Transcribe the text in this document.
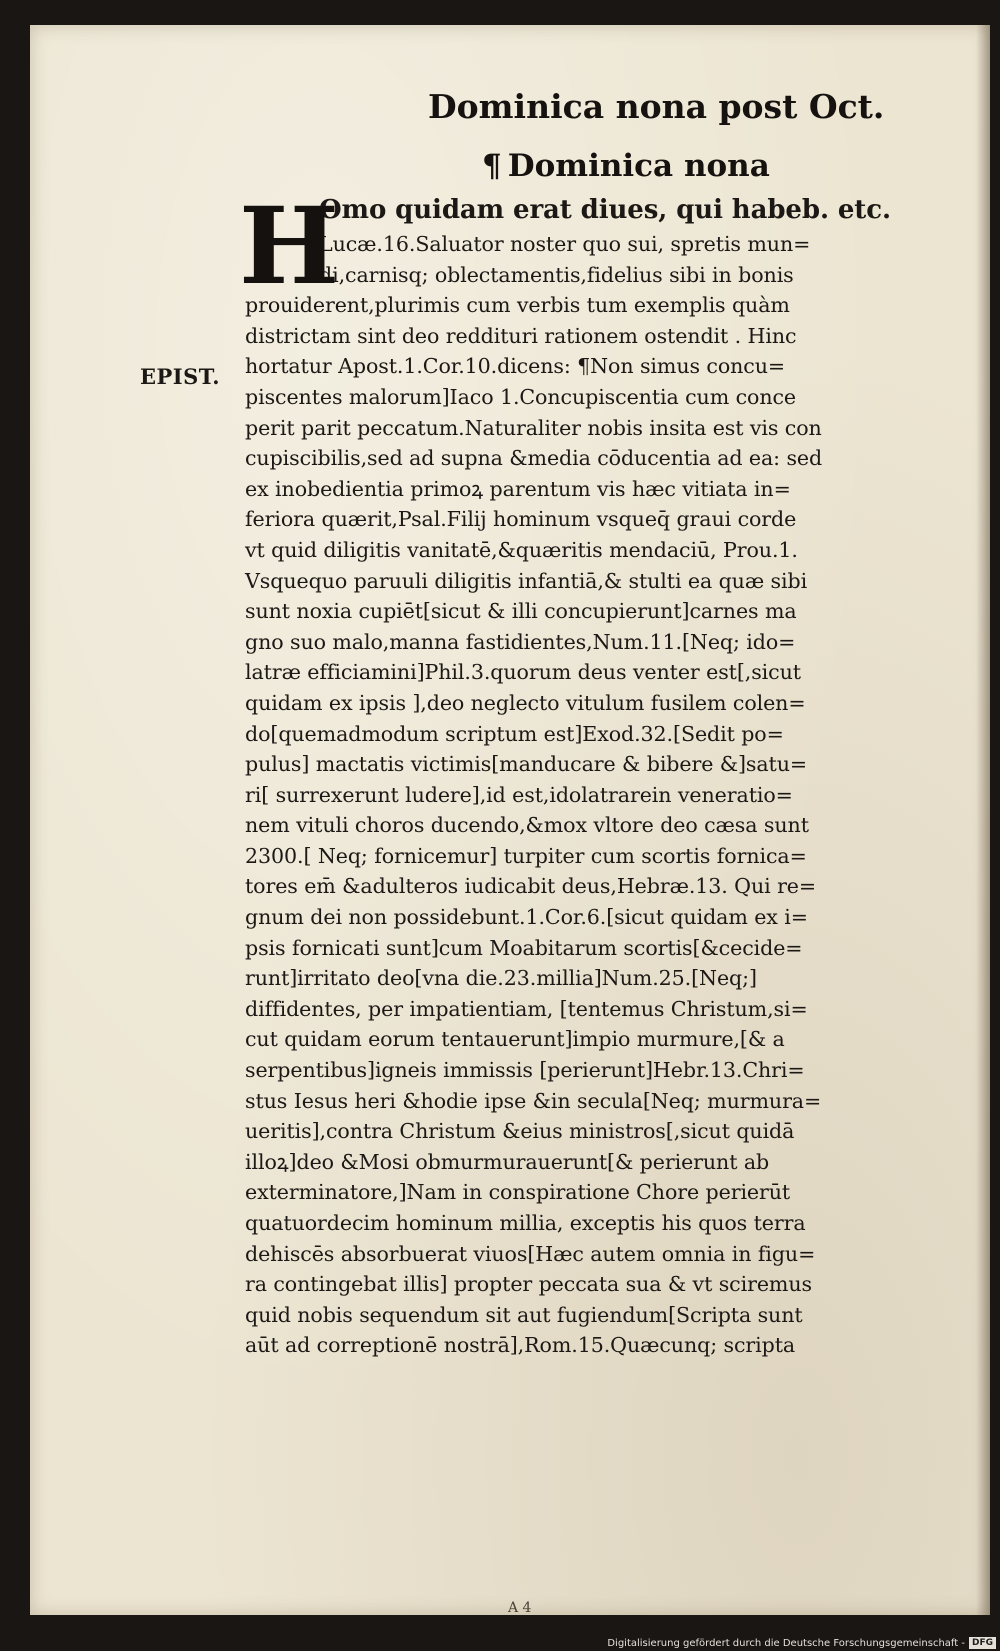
Dominica nona post Oct.
¶ Dominica nona
EPIST.
H
Omo quidam erat diues, qui habeb. etc.
Lucæ.16.Saluator noster quo sui, spretis mun=
di,carnisq; oblectamentis,fidelius sibi in bonis
prouiderent,plurimis cum verbis tum exemplis quàm
districtam sint deo reddituri rationem ostendit . Hinc
hortatur Apost.1.Cor.10.dicens: ¶Non simus concu=
piscentes malorum]Iaco 1.Concupiscentia cum conce
perit parit peccatum.Naturaliter nobis insita est vis con
cupiscibilis,sed ad supna &media cōducentia ad ea: sed
ex inobedientia primoꝝ parentum vis hæc vitiata in=
feriora quærit,Psal.Filij hominum vsqueq̄ graui corde
vt quid diligitis vanitatē,&quæritis mendaciū, Prou.1.
Vsquequo paruuli diligitis infantiā,& stulti ea quæ sibi
sunt noxia cupiēt[sicut & illi concupierunt]carnes ma
gno suo malo,manna fastidientes,Num.11.[Neq; ido=
latræ efficiamini]Phil.3.quorum deus venter est[,sicut
quidam ex ipsis ],deo neglecto vitulum fusilem colen=
do[quemadmodum scriptum est]Exod.32.[Sedit po=
pulus] mactatis victimis[manducare & bibere &]satu=
ri[ surrexerunt ludere],id est,idolatrarein veneratio=
nem vituli choros ducendo,&mox vltore deo cæsa sunt
2300.[ Neq; fornicemur] turpiter cum scortis fornica=
tores em̄ &adulteros iudicabit deus,Hebræ.13. Qui re=
gnum dei non possidebunt.1.Cor.6.[sicut quidam ex i=
psis fornicati sunt]cum Moabitarum scortis[&cecide=
runt]irritato deo[vna die.23.millia]Num.25.[Neq;]
diffidentes, per impatientiam, [tentemus Christum,si=
cut quidam eorum tentauerunt]impio murmure,[& a
serpentibus]igneis immissis [perierunt]Hebr.13.Chri=
stus Iesus heri &hodie ipse &in secula[Neq; murmura=
ueritis],contra Christum &eius ministros[,sicut quidā
illoꝝ]deo &Mosi obmurmurauerunt[& perierunt ab
exterminatore,]Nam in conspiratione Chore perierūt
quatuordecim hominum millia, exceptis his quos terra
dehiscēs absorbuerat viuos[Hæc autem omnia in figu=
ra contingebat illis] propter peccata sua & vt sciremus
quid nobis sequendum sit aut fugiendum[Scripta sunt
aūt ad correptionē nostrā],Rom.15.Quæcunq; scripta
A 4
Digitalisierung gefördert durch die Deutsche Forschungsgemeinschaft - DFG
